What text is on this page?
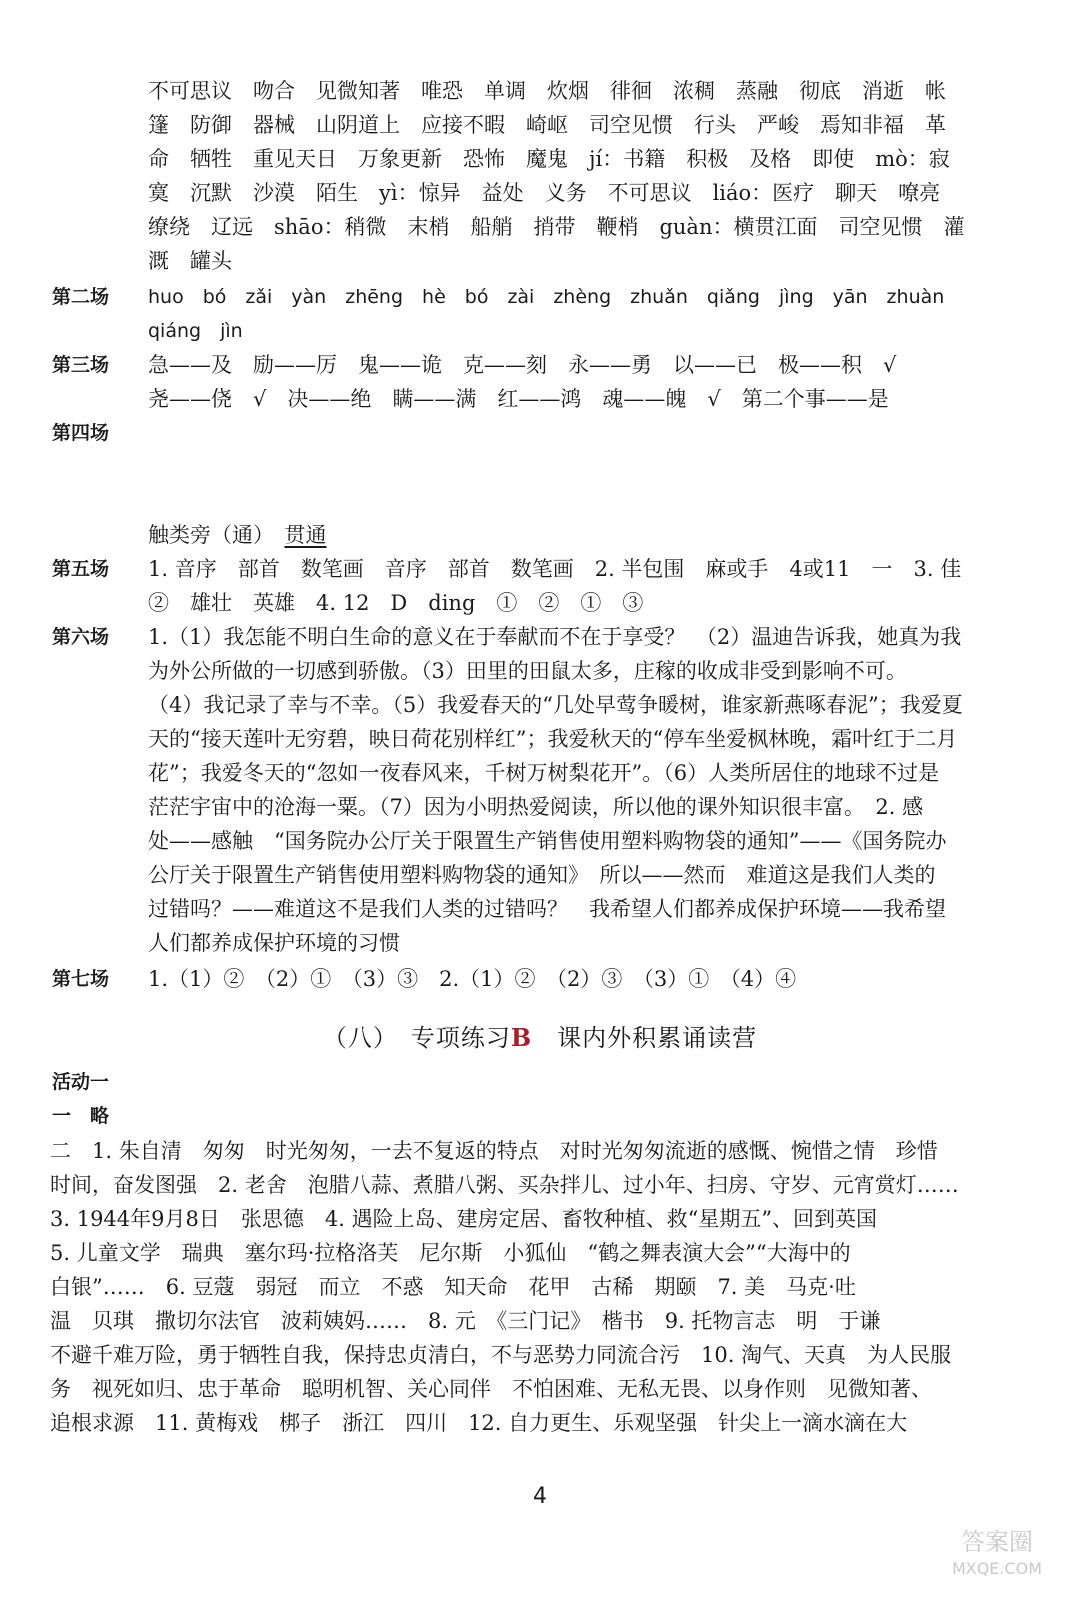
不可思议　吻合　见微知著　唯恐　单调　炊烟　徘徊　浓稠　蒸融　彻底　消逝　帐
篷　防御　器械　山阴道上　应接不暇　崎岖　司空见惯　行头　严峻　焉知非福　革
命　牺牲　重见天日　万象更新　恐怖　魔鬼　jí：书籍　积极　及格　即使　mò：寂
寞　沉默　沙漠　陌生　yì：惊异　益处　义务　不可思议　liáo：医疗　聊天　嘹亮
缭绕　辽远　shāo：稍微　末梢　船艄　捎带　鞭梢　guàn：横贯江面　司空见惯　灌
溉　罐头
第二场 huo　bó　zǎi　yàn　zhēng　hè　bó　zài　zhèng　zhuǎn　qiǎng　jìng　yān　zhuàn
qiáng　jìn
第三场 急——及　励——厉　鬼——诡　克——刻　永——勇　以——已　极——积　√
尧——侥　√　决——绝　瞒——满　红——鸿　魂——魄　√　第二个事——是
第四场
触类旁（通）　 贯通
第五场 1. 音序　部首　数笔画　音序　部首　数笔画　2. 半包围　麻或手　4或11　一　3. 佳
②　雄壮　英雄　4. 12　D　ding　①　②　①　③
第六场 1.（1）我怎能不明白生命的意义在于奉献而不在于享受？　（2）温迪告诉我，她真为我
为外公所做的一切感到骄傲。（3）田里的田鼠太多，庄稼的收成非受到影响不可。
（4）我记录了幸与不幸。（5）我爱春天的“几处早莺争暖树，谁家新燕啄春泥”；我爱夏
天的“接天莲叶无穷碧，映日荷花别样红”；我爱秋天的“停车坐爱枫林晚，霜叶红于二月
花”；我爱冬天的“忽如一夜春风来，千树万树梨花开”。（6）人类所居住的地球不过是
茫茫宇宙中的沧海一粟。（7）因为小明热爱阅读，所以他的课外知识很丰富。　2. 感
处——感触　“国务院办公厅关于限置生产销售使用塑料购物袋的通知”——《国务院办
公厅关于限置生产销售使用塑料购物袋的通知》　所以——然而　难道这是我们人类的
过错吗？——难道这不是我们人类的过错吗？　我希望人们都养成保护环境——我希望
人们都养成保护环境的习惯
第七场 1.（1）②　（2）①　（3）③　2.（1）②　（2）③　（3）①　（4）④
（八）　专项练习B　课内外积累诵读营
活动一
一　略
二　1. 朱自清　匆匆　时光匆匆，一去不复返的特点　对时光匆匆流逝的感慨、惋惜之情　珍惜
时间，奋发图强　2. 老舍　泡腊八蒜、煮腊八粥、买杂拌儿、过小年、扫房、守岁、元宵赏灯……
3. 1944年9月8日　张思德　4. 遇险上岛、建房定居、畜牧种植、救“星期五”、回到英国
5. 儿童文学　瑞典　塞尔玛·拉格洛芙　尼尔斯　小狐仙　“鹤之舞表演大会”“大海中的
白银”……　6. 豆蔻　弱冠　而立　不惑　知天命　花甲　古稀　期颐　7. 美　马克·吐
温　贝琪　撒切尔法官　波莉姨妈……　8. 元　《三门记》　楷书　9. 托物言志　明　于谦
不避千难万险，勇于牺牲自我，保持忠贞清白，不与恶势力同流合污　10. 淘气、天真　为人民服
务　视死如归、忠于革命　聪明机智、关心同伴　不怕困难、无私无畏、以身作则　见微知著、
追根求源　11. 黄梅戏　梆子　浙江　四川　12. 自力更生、乐观坚强　针尖上一滴水滴在大
4
答案圈
MXQE.COM
